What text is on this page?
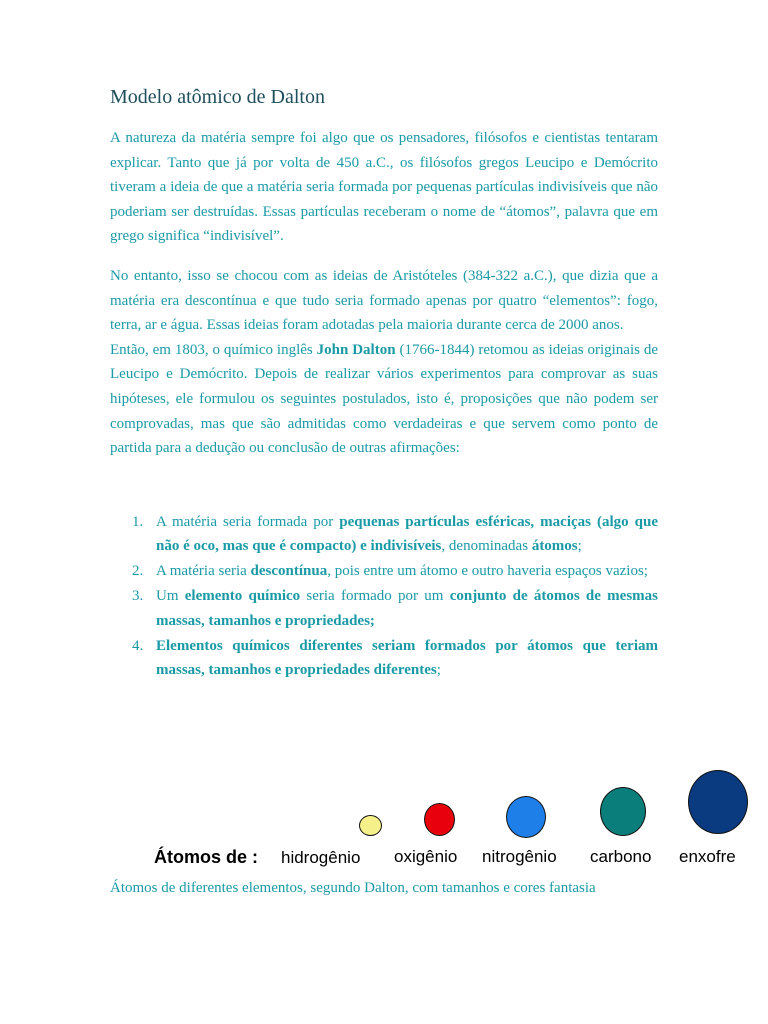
Modelo atômico de Dalton

A natureza da matéria sempre foi algo que os pensadores, filósofos e cientistas tentaram explicar. Tanto que já por volta de 450 a.C., os filósofos gregos Leucipo e Demócrito tiveram a ideia de que a matéria seria formada por pequenas partículas indivisíveis que não poderiam ser destruídas. Essas partículas receberam o nome de “átomos”, palavra que em grego significa “indivisível”.

No entanto, isso se chocou com as ideias de Aristóteles (384-322 a.C.), que dizia que a matéria era descontínua e que tudo seria formado apenas por quatro “elementos”: fogo, terra, ar e água. Essas ideias foram adotadas pela maioria durante cerca de 2000 anos.

Então, em 1803, o químico inglês John Dalton (1766-1844) retomou as ideias originais de Leucipo e Demócrito. Depois de realizar vários experimentos para comprovar as suas hipóteses, ele formulou os seguintes postulados, isto é, proposições que não podem ser comprovadas, mas que são admitidas como verdadeiras e que servem como ponto de partida para a dedução ou conclusão de outras afirmações:

1. A matéria seria formada por pequenas partículas esféricas, maciças (algo que não é oco, mas que é compacto) e indivisíveis, denominadas átomos;
2. A matéria seria descontínua, pois entre um átomo e outro haveria espaços vazios;
3. Um elemento químico seria formado por um conjunto de átomos de mesmas massas, tamanhos e propriedades;
4. Elementos químicos diferentes seriam formados por átomos que teriam massas, tamanhos e propriedades diferentes;
Átomos de : hidrogênio oxigênio nitrogênio carbono enxofre
Átomos de diferentes elementos, segundo Dalton, com tamanhos e cores fantasia
